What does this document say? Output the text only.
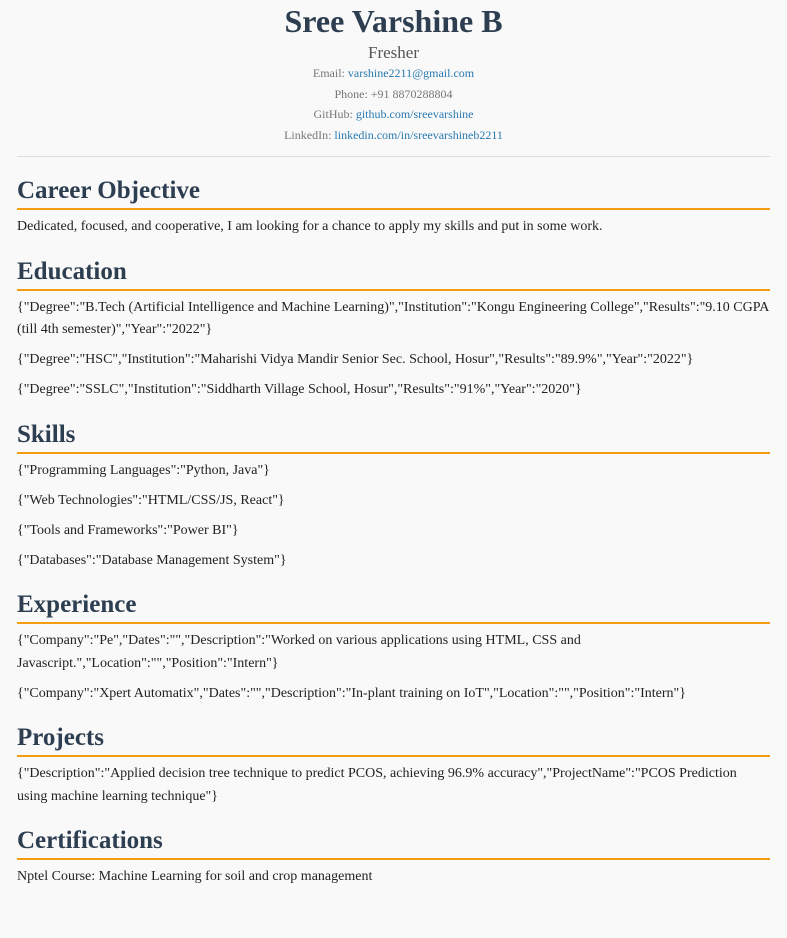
Sree Varshine B

Fresher

Email: varshine2211@gmail.com
Phone: +91 8870288804
GitHub: github.com/sreevarshine
LinkedIn: linkedin.com/in/sreevarshineb2211
Career Objective

Dedicated, focused, and cooperative, I am looking for a chance to apply my skills and put in some work.

Education

{"Degree":"B.Tech (Artificial Intelligence and Machine Learning)","Institution":"Kongu Engineering College","Results":"9.10 CGPA (till 4th semester)","Year":"2022"}

{"Degree":"HSC","Institution":"Maharishi Vidya Mandir Senior Sec. School, Hosur","Results":"89.9%","Year":"2022"}

{"Degree":"SSLC","Institution":"Siddharth Village School, Hosur","Results":"91%","Year":"2020"}

Skills

{"Programming Languages":"Python, Java"}

{"Web Technologies":"HTML/CSS/JS, React"}

{"Tools and Frameworks":"Power BI"}

{"Databases":"Database Management System"}

Experience

{"Company":"Pe","Dates":"","Description":"Worked on various applications using HTML, CSS and Javascript.","Location":"","Position":"Intern"}

{"Company":"Xpert Automatix","Dates":"","Description":"In-plant training on IoT","Location":"","Position":"Intern"}

Projects

{"Description":"Applied decision tree technique to predict PCOS, achieving 96.9% accuracy","ProjectName":"PCOS Prediction using machine learning technique"}

Certifications

Nptel Course: Machine Learning for soil and crop management
